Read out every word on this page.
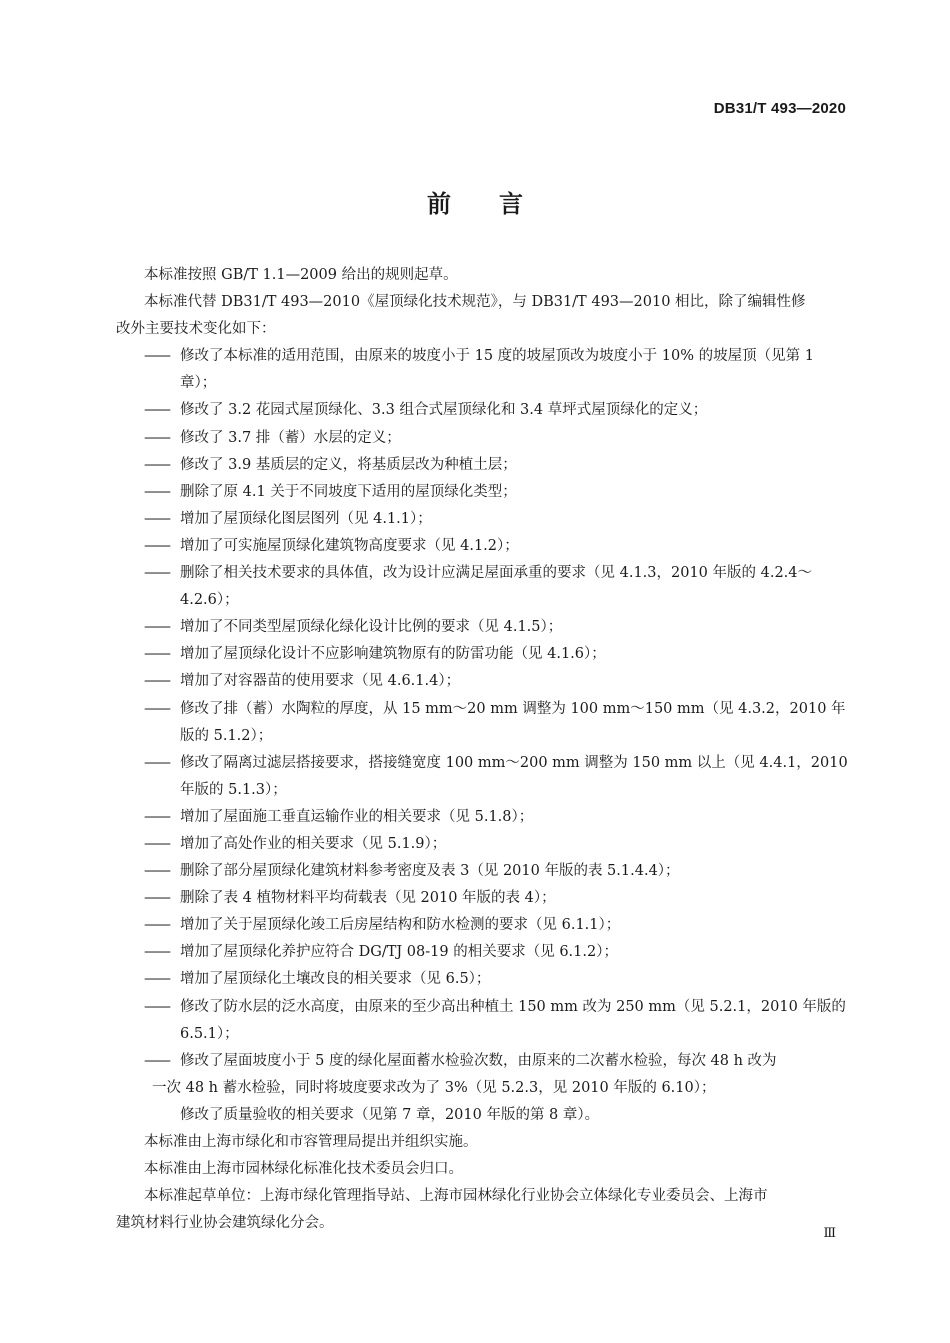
DB31/T 493—2020
前 言

本标准按照 GB/T 1.1—2009 给出的规则起草。

本标准代替 DB31/T 493—2010《屋顶绿化技术规范》，与 DB31/T 493—2010 相比，除了编辑性修

改外主要技术变化如下：

—— 修改了本标准的适用范围，由原来的坡度小于 15 度的坡屋顶改为坡度小于 10% 的坡屋顶（见第 1 章）；
—— 修改了 3.2 花园式屋顶绿化、3.3 组合式屋顶绿化和 3.4 草坪式屋顶绿化的定义；
—— 修改了 3.7 排（蓄）水层的定义；
—— 修改了 3.9 基质层的定义，将基质层改为种植土层；
—— 删除了原 4.1 关于不同坡度下适用的屋顶绿化类型；
—— 增加了屋顶绿化图层图列（见 4.1.1）；
—— 增加了可实施屋顶绿化建筑物高度要求（见 4.1.2）；
—— 删除了相关技术要求的具体值，改为设计应满足屋面承重的要求（见 4.1.3，2010 年版的 4.2.4～4.2.6）；
—— 增加了不同类型屋顶绿化绿化设计比例的要求（见 4.1.5）；
—— 增加了屋顶绿化设计不应影响建筑物原有的防雷功能（见 4.1.6）；
—— 增加了对容器苗的使用要求（见 4.6.1.4）；
—— 修改了排（蓄）水陶粒的厚度，从 15 mm～20 mm 调整为 100 mm～150 mm（见 4.3.2，2010 年版的 5.1.2）；
—— 修改了隔离过滤层搭接要求，搭接缝宽度 100 mm～200 mm 调整为 150 mm 以上（见 4.4.1，2010 年版的 5.1.3）；
—— 增加了屋面施工垂直运输作业的相关要求（见 5.1.8）；
—— 增加了高处作业的相关要求（见 5.1.9）；
—— 删除了部分屋顶绿化建筑材料参考密度及表 3（见 2010 年版的表 5.1.4.4）；
—— 删除了表 4 植物材料平均荷载表（见 2010 年版的表 4）；
—— 增加了关于屋顶绿化竣工后房屋结构和防水检测的要求（见 6.1.1）；
—— 增加了屋顶绿化养护应符合 DG/TJ 08-19 的相关要求（见 6.1.2）；
—— 增加了屋顶绿化土壤改良的相关要求（见 6.5）；
—— 修改了防水层的泛水高度，由原来的至少高出种植土 150 mm 改为 250 mm（见 5.2.1，2010 年版的 6.5.1）；
—— 修改了屋面坡度小于 5 度的绿化屋面蓄水检验次数，由原来的二次蓄水检验，每次 48 h 改为
一次 48 h 蓄水检验，同时将坡度要求改为了 3%（见 5.2.3，见 2010 年版的 6.10）；
修改了质量验收的相关要求（见第 7 章，2010 年版的第 8 章）。

本标准由上海市绿化和市容管理局提出并组织实施。

本标准由上海市园林绿化标准化技术委员会归口。

本标准起草单位：上海市绿化管理指导站、上海市园林绿化行业协会立体绿化专业委员会、上海市

建筑材料行业协会建筑绿化分会。

Ⅲ
